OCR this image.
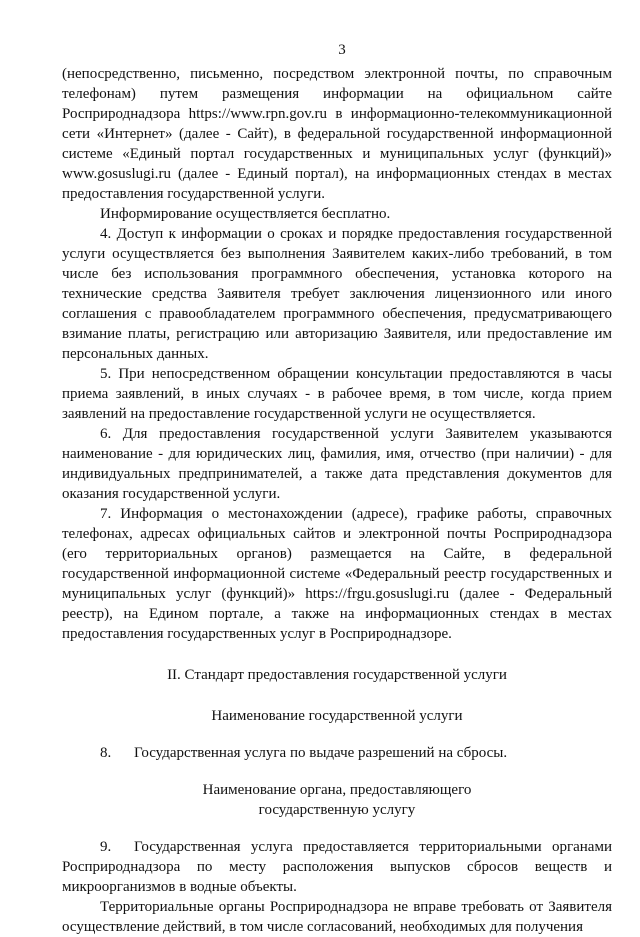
3

(непосредственно, письменно, посредством электронной почты, по справочным телефонам) путем размещения информации на официальном сайте Росприроднадзора https://www.rpn.gov.ru в информационно-телекоммуникационной сети «Интернет» (далее - Сайт), в федеральной государственной информационной системе «Единый портал государственных и муниципальных услуг (функций)» www.gosuslugi.ru (далее - Единый портал), на информационных стендах в местах предоставления государственной услуги.

Информирование осуществляется бесплатно.

4. Доступ к информации о сроках и порядке предоставления государственной услуги осуществляется без выполнения Заявителем каких-либо требований, в том числе без использования программного обеспечения, установка которого на технические средства Заявителя требует заключения лицензионного или иного соглашения с правообладателем программного обеспечения, предусматривающего взимание платы, регистрацию или авторизацию Заявителя, или предоставление им персональных данных.

5. При непосредственном обращении консультации предоставляются в часы приема заявлений, в иных случаях - в рабочее время, в том числе, когда прием заявлений на предоставление государственной услуги не осуществляется.

6. Для предоставления государственной услуги Заявителем указываются наименование - для юридических лиц, фамилия, имя, отчество (при наличии) - для индивидуальных предпринимателей, а также дата представления документов для оказания государственной услуги.

7. Информация о местонахождении (адресе), графике работы, справочных телефонах, адресах официальных сайтов и электронной почты Росприроднадзора (его территориальных органов) размещается на Сайте, в федеральной государственной информационной системе «Федеральный реестр государственных и муниципальных услуг (функций)» https://frgu.gosuslugi.ru (далее - Федеральный реестр), на Едином портале, а также на информационных стендах в местах предоставления государственных услуг в Росприроднадзоре.

II. Стандарт предоставления государственной услуги

Наименование государственной услуги

8. Государственная услуга по выдаче разрешений на сбросы.

Наименование органа, предоставляющего

государственную услугу

9. Государственная услуга предоставляется территориальными органами Росприроднадзора по месту расположения выпусков сбросов веществ и микроорганизмов в водные объекты.

Территориальные органы Росприроднадзора не вправе требовать от Заявителя осуществление действий, в том числе согласований, необходимых для получения
